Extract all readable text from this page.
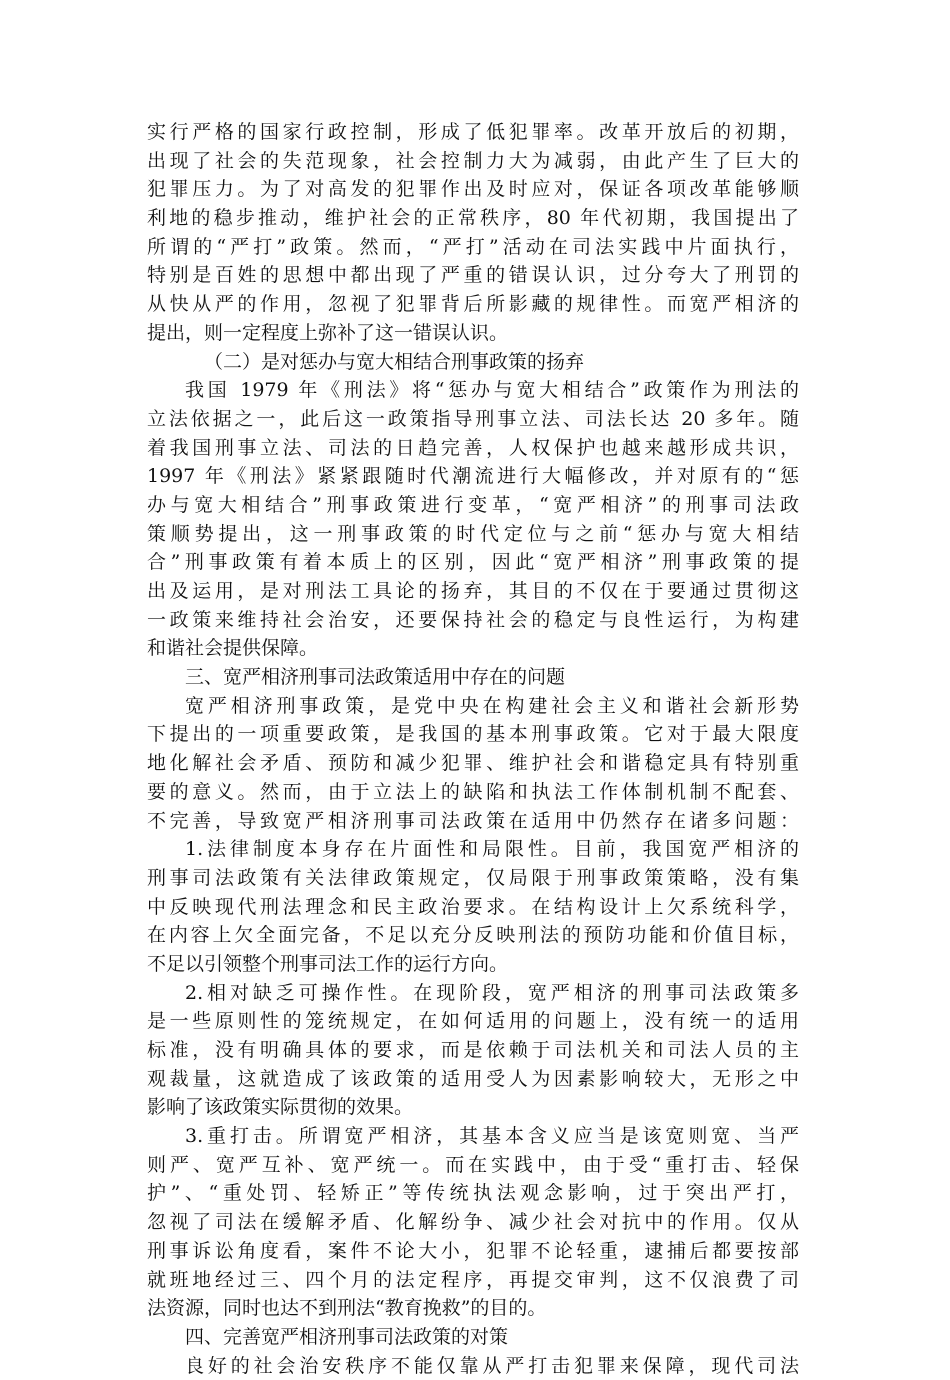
实行严格的国家行政控制，形成了低犯罪率。改革开放后的初期，
出现了社会的失范现象，社会控制力大为减弱，由此产生了巨大的
犯罪压力。为了对高发的犯罪作出及时应对，保证各项改革能够顺
利地的稳步推动，维护社会的正常秩序，80 年代初期，我国提出了
所谓的“严打”政策。然而，“严打”活动在司法实践中片面执行，
特别是百姓的思想中都出现了严重的错误认识，过分夸大了刑罚的
从快从严的作用，忽视了犯罪背后所影藏的规律性。而宽严相济的
提出，则一定程度上弥补了这一错误认识。
（二）是对惩办与宽大相结合刑事政策的扬弃
我国 1979 年《刑法》将“惩办与宽大相结合”政策作为刑法的
立法依据之一，此后这一政策指导刑事立法、司法长达 20 多年。随
着我国刑事立法、司法的日趋完善，人权保护也越来越形成共识，
1997 年《刑法》紧紧跟随时代潮流进行大幅修改，并对原有的“惩
办与宽大相结合”刑事政策进行变革，“宽严相济”的刑事司法政
策顺势提出，这一刑事政策的时代定位与之前“惩办与宽大相结
合”刑事政策有着本质上的区别，因此“宽严相济”刑事政策的提
出及运用，是对刑法工具论的扬弃，其目的不仅在于要通过贯彻这
一政策来维持社会治安，还要保持社会的稳定与良性运行，为构建
和谐社会提供保障。
三、宽严相济刑事司法政策适用中存在的问题
宽严相济刑事政策，是党中央在构建社会主义和谐社会新形势
下提出的一项重要政策，是我国的基本刑事政策。它对于最大限度
地化解社会矛盾、预防和减少犯罪、维护社会和谐稳定具有特别重
要的意义。然而，由于立法上的缺陷和执法工作体制机制不配套、
不完善，导致宽严相济刑事司法政策在适用中仍然存在诸多问题：
1.法律制度本身存在片面性和局限性。目前，我国宽严相济的
刑事司法政策有关法律政策规定，仅局限于刑事政策策略，没有集
中反映现代刑法理念和民主政治要求。在结构设计上欠系统科学，
在内容上欠全面完备，不足以充分反映刑法的预防功能和价值目标，
不足以引领整个刑事司法工作的运行方向。
2.相对缺乏可操作性。在现阶段，宽严相济的刑事司法政策多
是一些原则性的笼统规定，在如何适用的问题上，没有统一的适用
标准，没有明确具体的要求，而是依赖于司法机关和司法人员的主
观裁量，这就造成了该政策的适用受人为因素影响较大，无形之中
影响了该政策实际贯彻的效果。
3.重打击。所谓宽严相济，其基本含义应当是该宽则宽、当严
则严、宽严互补、宽严统一。而在实践中，由于受“重打击、轻保
护”、“重处罚、轻矫正”等传统执法观念影响，过于突出严打，
忽视了司法在缓解矛盾、化解纷争、减少社会对抗中的作用。仅从
刑事诉讼角度看，案件不论大小，犯罪不论轻重，逮捕后都要按部
就班地经过三、四个月的法定程序，再提交审判，这不仅浪费了司
法资源，同时也达不到刑法“教育挽救”的目的。
四、完善宽严相济刑事司法政策的对策
良好的社会治安秩序不能仅靠从严打击犯罪来保障，现代司法
